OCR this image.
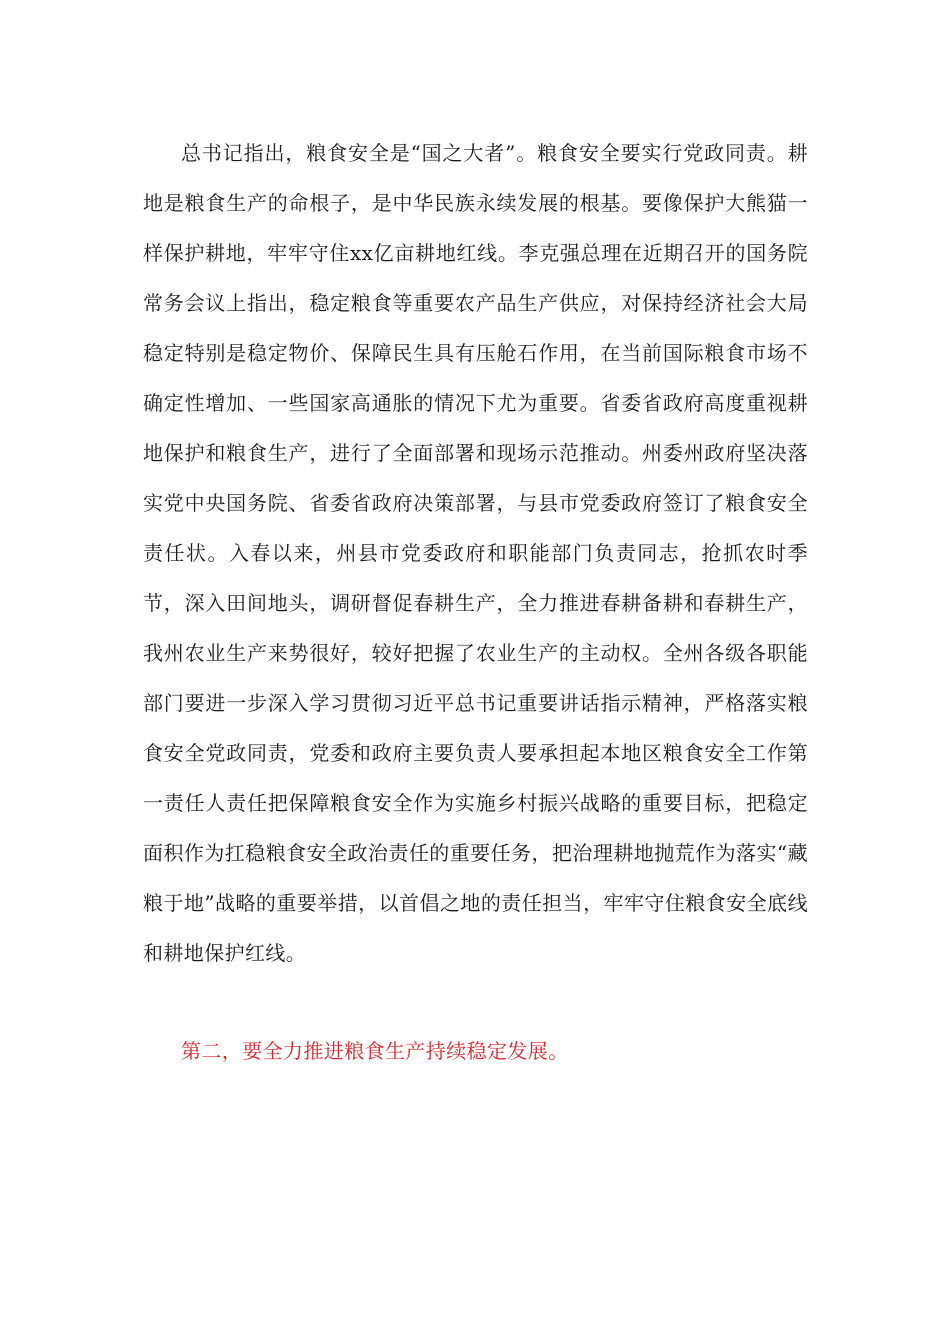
总书记指出，粮食安全是“国之大者”。粮食安全要实行党政同责。耕地是粮食生产的命根子，是中华民族永续发展的根基。要像保护大熊猫一样保护耕地，牢牢守住xx亿亩耕地红线。李克强总理在近期召开的国务院常务会议上指出，稳定粮食等重要农产品生产供应，对保持经济社会大局稳定特别是稳定物价、保障民生具有压舱石作用，在当前国际粮食市场不确定性增加、一些国家高通胀的情况下尤为重要。省委省政府高度重视耕地保护和粮食生产，进行了全面部署和现场示范推动。州委州政府坚决落实党中央国务院、省委省政府决策部署，与县市党委政府签订了粮食安全责任状。入春以来，州县市党委政府和职能部门负责同志，抢抓农时季节，深入田间地头，调研督促春耕生产，全力推进春耕备耕和春耕生产，我州农业生产来势很好，较好把握了农业生产的主动权。全州各级各职能部门要进一步深入学习贯彻习近平总书记重要讲话指示精神，严格落实粮食安全党政同责，党委和政府主要负责人要承担起本地区粮食安全工作第一责任人责任把保障粮食安全作为实施乡村振兴战略的重要目标，把稳定面积作为扛稳粮食安全政治责任的重要任务，把治理耕地抛荒作为落实“藏粮于地”战略的重要举措，以首倡之地的责任担当，牢牢守住粮食安全底线和耕地保护红线。

第二，要全力推进粮食生产持续稳定发展。
